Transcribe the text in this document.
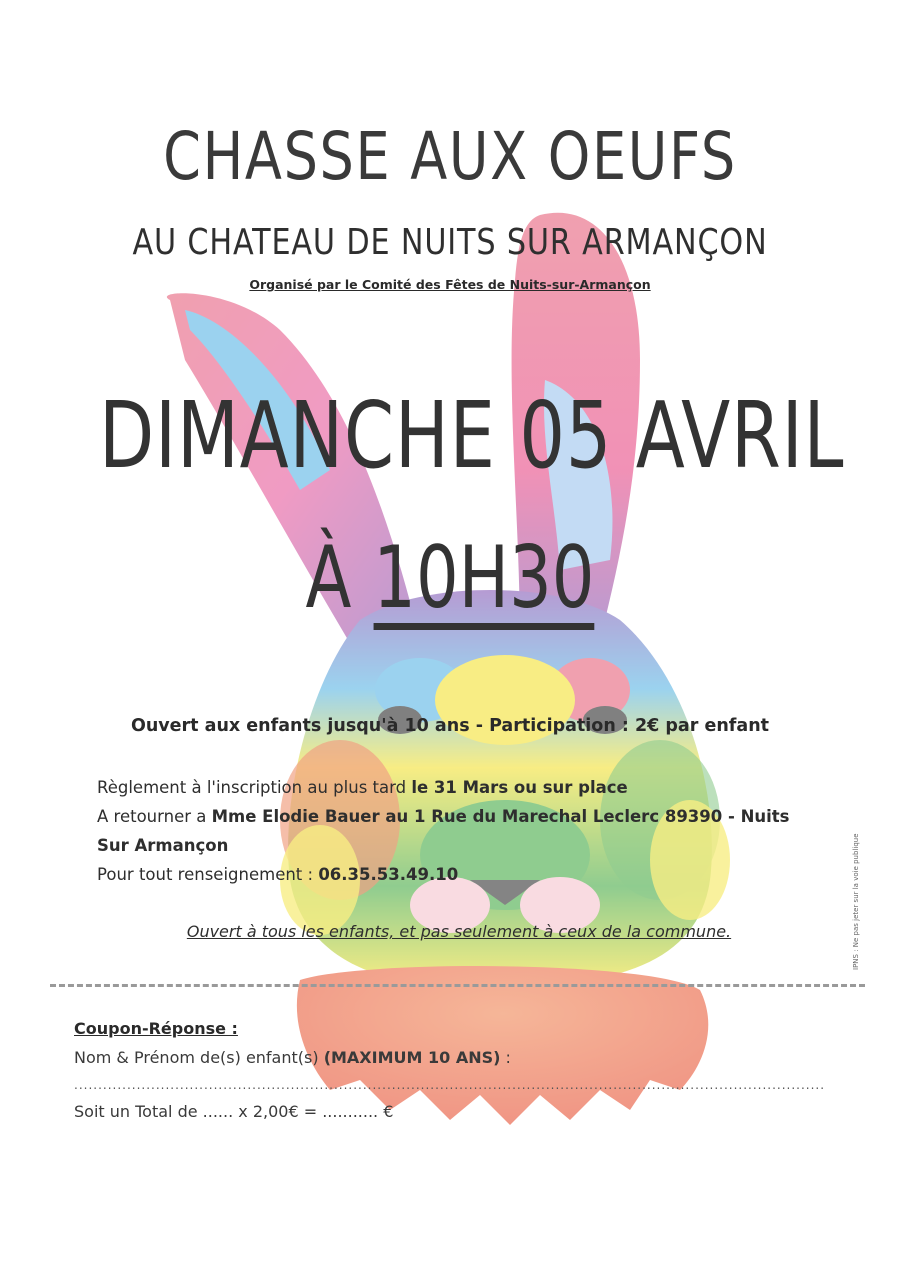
CHASSE AUX OEUFS
AU CHATEAU DE NUITS SUR ARMANÇON
Organisé par le Comité des Fêtes de Nuits-sur-Armançon
DIMANCHE 05 AVRIL
À 10H30
Ouvert aux enfants jusqu'à 10 ans - Participation : 2€ par enfant
Règlement à l'inscription au plus tard le 31 Mars ou sur place
A retourner a Mme Elodie Bauer au 1 Rue du Marechal Leclerc 89390 - Nuits Sur Armançon
Pour tout renseignement : 06.35.53.49.10
Ouvert à tous les enfants, et pas seulement à ceux de la commune.	IPNS : Ne pas jeter sur la voie publique
Coupon-Réponse :
Nom & Prénom de(s) enfant(s) (MAXIMUM 10 ANS) :
............................................................................................................................................................
Soit un Total de ...... x 2,00€ = ........... €
